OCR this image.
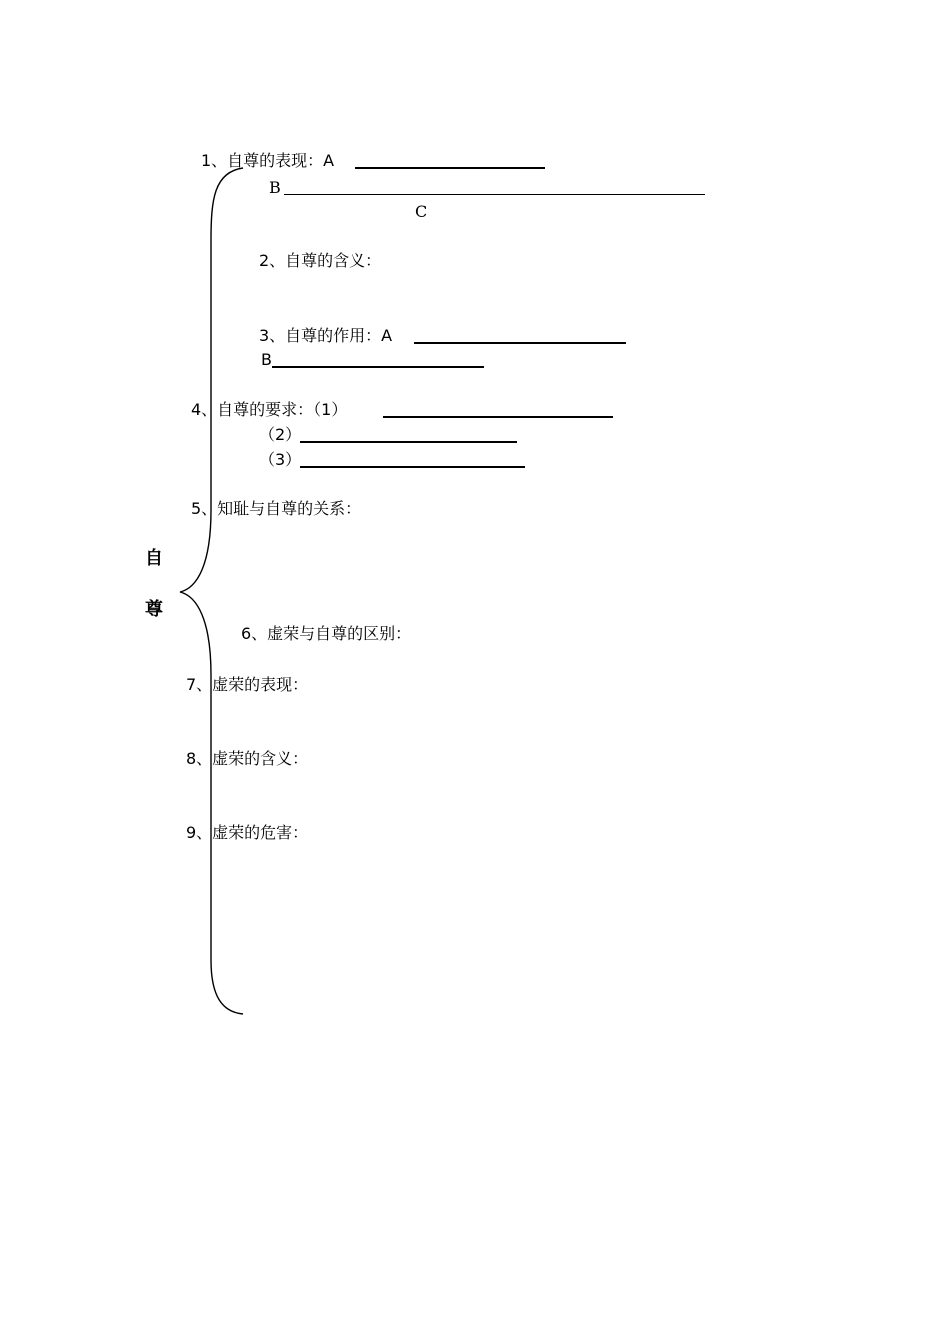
自
尊
1、自尊的表现：A
B
C
2、自尊的含义：
3、自尊的作用：A
B
4、自尊的要求：（1）
（2）
（3）
5、知耻与自尊的关系：
6、虚荣与自尊的区别：
7、虚荣的表现：
8、虚荣的含义：
9、虚荣的危害：
